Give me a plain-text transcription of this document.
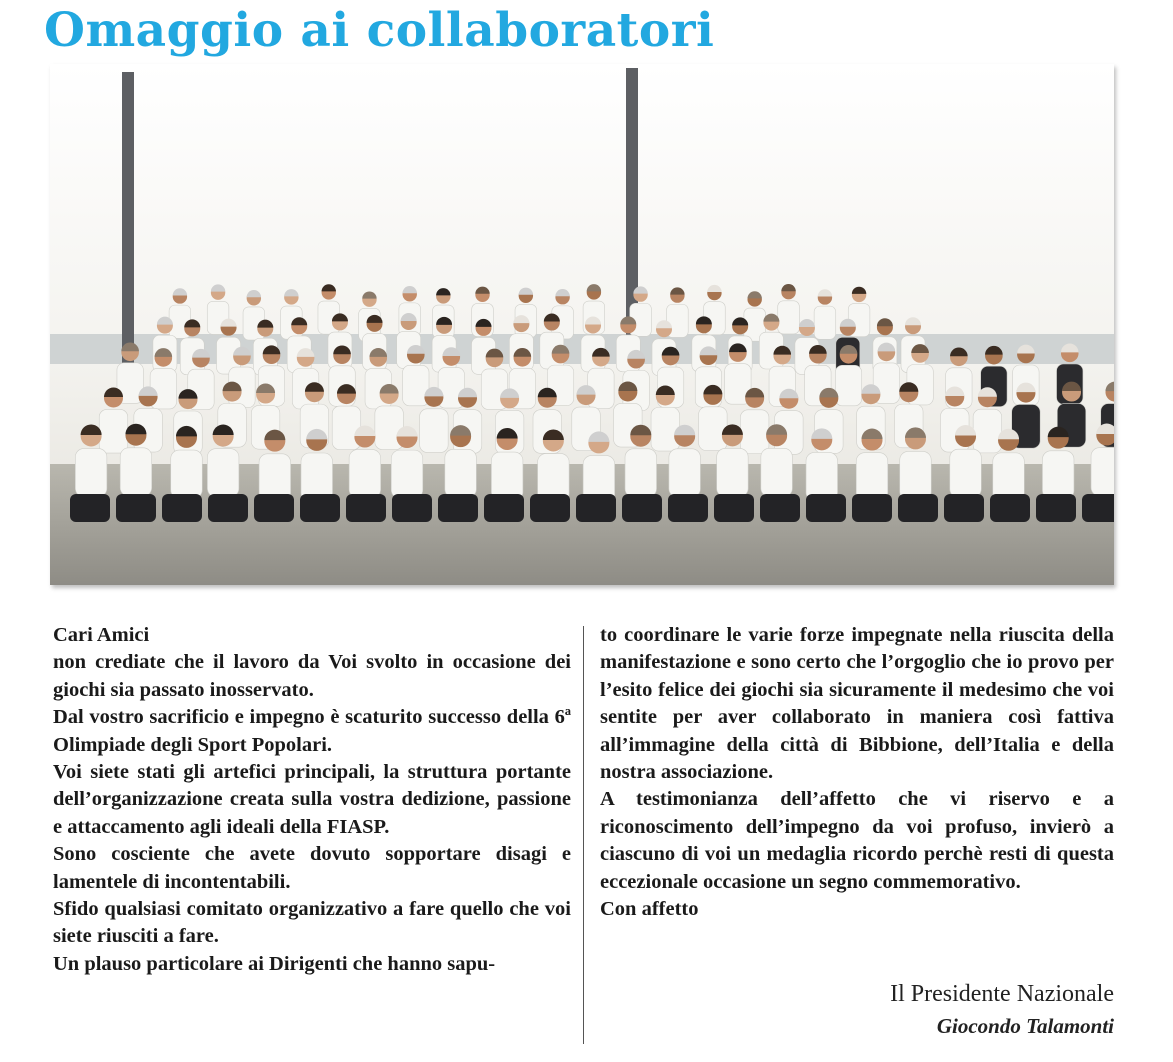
Omaggio ai collaboratori

Cari Amici

non crediate che il lavoro da Voi svolto in occasione dei giochi sia passato inosservato.

Dal vostro sacrificio e impegno è scaturito successo della 6ª Olimpiade degli Sport Popolari.

Voi siete stati gli artefici principali, la struttura portante dell’organizzazione creata sulla vostra dedizione, passione e attaccamento agli ideali della FIASP.

Sono cosciente che avete dovuto sopportare disagi e lamentele di incontentabili.

Sfido qualsiasi comitato organizzativo a fare quello che voi siete riusciti a fare.

Un plauso particolare ai Dirigenti che hanno sapu-

to coordinare le varie forze impegnate nella riuscita della manifestazione e sono certo che l’orgoglio che io provo per l’esito felice dei giochi sia sicuramente il medesimo che voi sentite per aver collaborato in maniera così fattiva all’immagine della città di Bibbione, dell’Italia e della nostra associazione.

A testimonianza dell’affetto che vi riservo e a riconoscimento dell’impegno da voi profuso, invierò a ciascuno di voi un medaglia ricordo perchè resti di questa eccezionale occasione un segno commemorativo.

Con affetto

Il Presidente Nazionale
Giocondo Talamonti
